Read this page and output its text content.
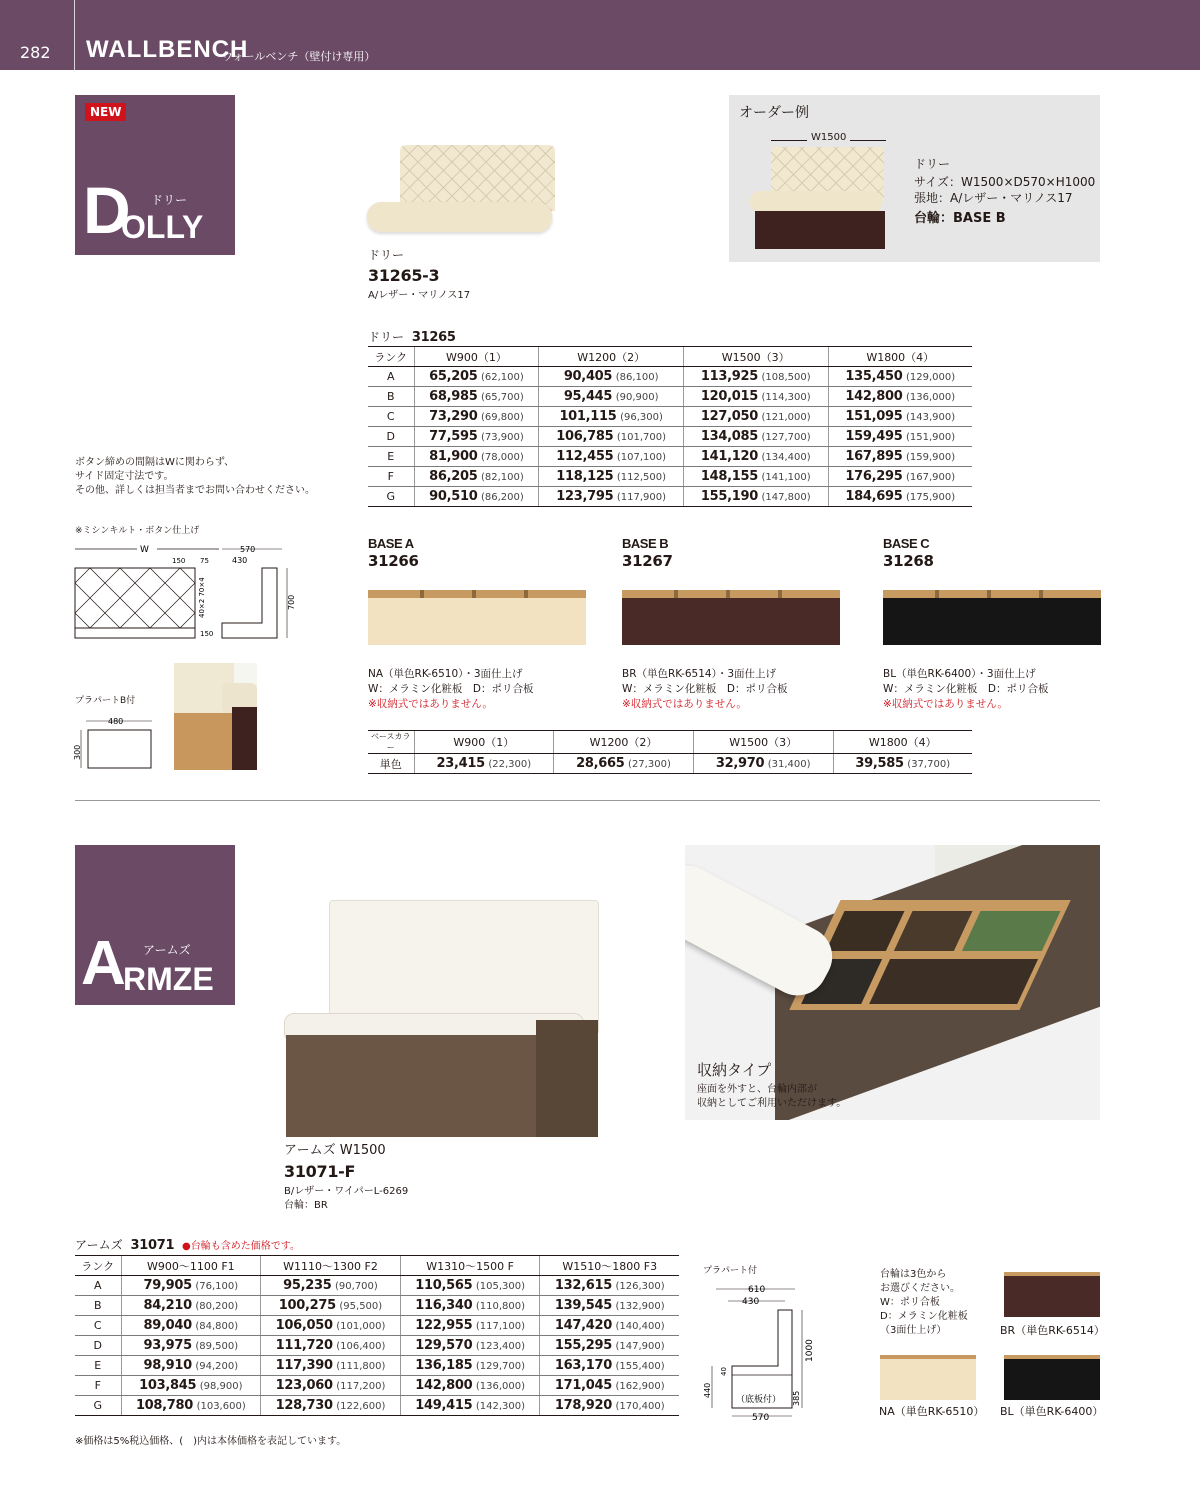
282 WALLBENCH
ウォールベンチ（壁付け専用）
NEW
D
OLLY
ドリー
ドリー
31265-3
A/レザー・マリノス17
オーダー例
W1500
ドリー
サイズ：W1500×D570×H1000
張地：A/レザー・マリノス17
台輪：BASE B
ドリー 31265
ランク	W900（1）	W1200（2）	W1500（3）	W1800（4）
A	65,205 (62,100)	90,405 (86,100)	113,925 (108,500)	135,450 (129,000)
B	68,985 (65,700)	95,445 (90,900)	120,015 (114,300)	142,800 (136,000)
C	73,290 (69,800)	101,115 (96,300)	127,050 (121,000)	151,095 (143,900)
D	77,595 (73,900)	106,785 (101,700)	134,085 (127,700)	159,495 (151,900)
E	81,900 (78,000)	112,455 (107,100)	141,120 (134,400)	167,895 (159,900)
F	86,205 (82,100)	118,125 (112,500)	148,155 (141,100)	176,295 (167,900)
G	90,510 (86,200)	123,795 (117,900)	155,190 (147,800)	184,695 (175,900)
ボタン締めの間隔はWに関わらず、
サイド固定寸法です。
その他、詳しくは担当者までお問い合わせください。
※ミシンキルト・ボタン仕上げ
W
150 75
40×2 70×4
150
570
430
700
プラパートB付
480
300
BASE A
31266
NA（単色RK-6510）・3面仕上げ
W：メラミン化粧板　D：ポリ合板
※収納式ではありません。
BASE B
31267
BR（単色RK-6514）・3面仕上げ
W：メラミン化粧板　D：ポリ合板
※収納式ではありません。
BASE C
31268
BL（単色RK-6400）・3面仕上げ
W：メラミン化粧板　D：ポリ合板
※収納式ではありません。
ベースカラー	W900（1）	W1200（2）	W1500（3）	W1800（4）
単色	23,415 (22,300)	28,665 (27,300)	32,970 (31,400)	39,585 (37,700)
A
RMZE
アームズ
アームズ W1500
31071-F
B/レザー・ワイパーL-6269
台輪：BR
収納タイプ
座面を外すと、台輪内部が
収納としてご利用いただけます。
アームズ 31071 ●台輪も含めた価格です。
ランク	W900～1100 F1	W1110～1300 F2	W1310～1500 F	W1510～1800 F3
A	79,905 (76,100)	95,235 (90,700)	110,565 (105,300)	132,615 (126,300)
B	84,210 (80,200)	100,275 (95,500)	116,340 (110,800)	139,545 (132,900)
C	89,040 (84,800)	106,050 (101,000)	122,955 (117,100)	147,420 (140,400)
D	93,975 (89,500)	111,720 (106,400)	129,570 (123,400)	155,295 (147,900)
E	98,910 (94,200)	117,390 (111,800)	136,185 (129,700)	163,170 (155,400)
F	103,845 (98,900)	123,060 (117,200)	142,800 (136,000)	171,045 (162,900)
G	108,780 (103,600)	128,730 (122,600)	149,415 (142,300)	178,920 (170,400)
プラパート付
610
430
40
（底板付）
1000
385
440
570
台輪は3色から
お選びください。
W：ポリ合板
D：メラミン化粧板
（3面仕上げ）	BR（単色RK-6514）
NA（単色RK-6510） BL（単色RK-6400）
※価格は5%税込価格、(　)内は本体価格を表記しています。
